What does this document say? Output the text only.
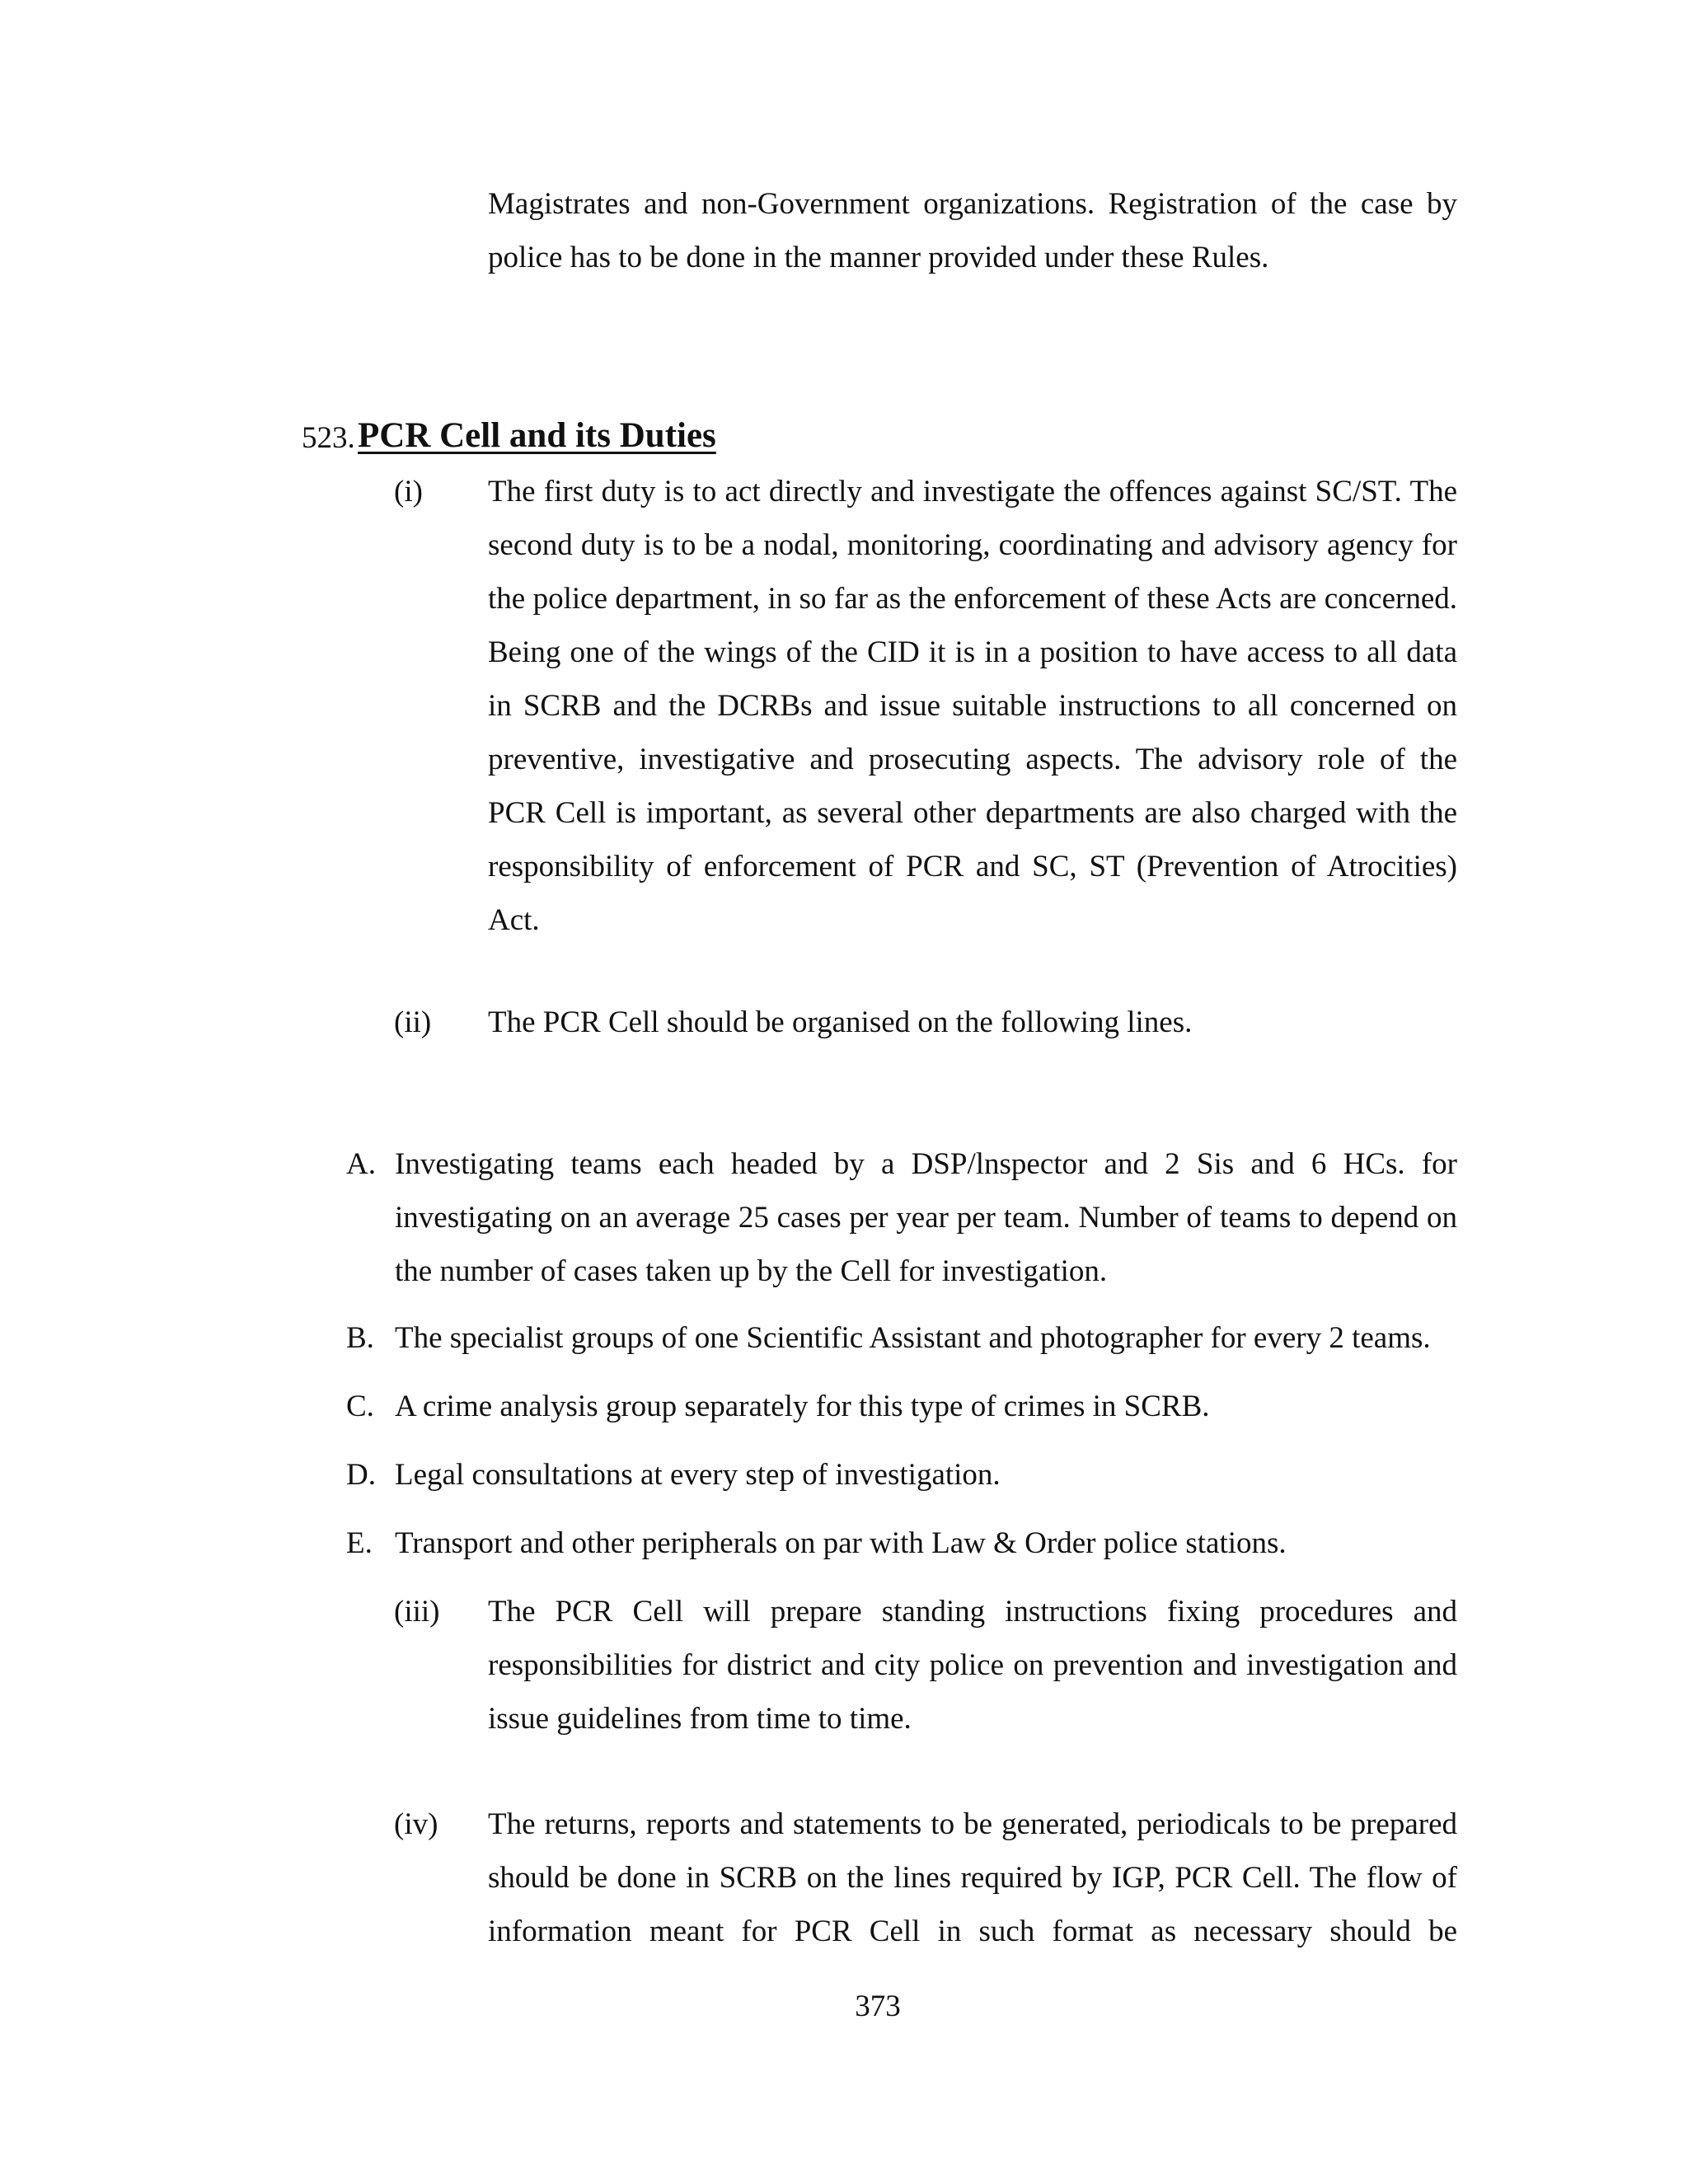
Magistrates and non-Government organizations. Registration of the case by police has to be done in the manner provided under these Rules.

523. PCR Cell and its Duties
(i) The first duty is to act directly and investigate the offences against SC/ST. The second duty is to be a nodal, monitoring, coordinating and advisory agency for the police department, in so far as the enforcement of these Acts are concerned. Being one of the wings of the CID it is in a position to have access to all data in SCRB and the DCRBs and issue suitable instructions to all concerned on preventive, investigative and prosecuting aspects. The advisory role of the PCR Cell is important, as several other departments are also charged with the responsibility of enforcement of PCR and SC, ST (Prevention of Atrocities) Act.

(ii) The PCR Cell should be organised on the following lines.

A. Investigating teams each headed by a DSP/lnspector and 2 Sis and 6 HCs. for investigating on an average 25 cases per year per team. Number of teams to depend on the number of cases taken up by the Cell for investigation.

B. The specialist groups of one Scientific Assistant and photographer for every 2 teams.

C. A crime analysis group separately for this type of crimes in SCRB.

D. Legal consultations at every step of investigation.

E. Transport and other peripherals on par with Law & Order police stations.

(iii) The PCR Cell will prepare standing instructions fixing procedures and responsibilities for district and city police on prevention and investigation and issue guidelines from time to time.

(iv) The returns, reports and statements to be generated, periodicals to be prepared should be done in SCRB on the lines required by IGP, PCR Cell. The flow of information meant for PCR Cell in such format as necessary should be

373
